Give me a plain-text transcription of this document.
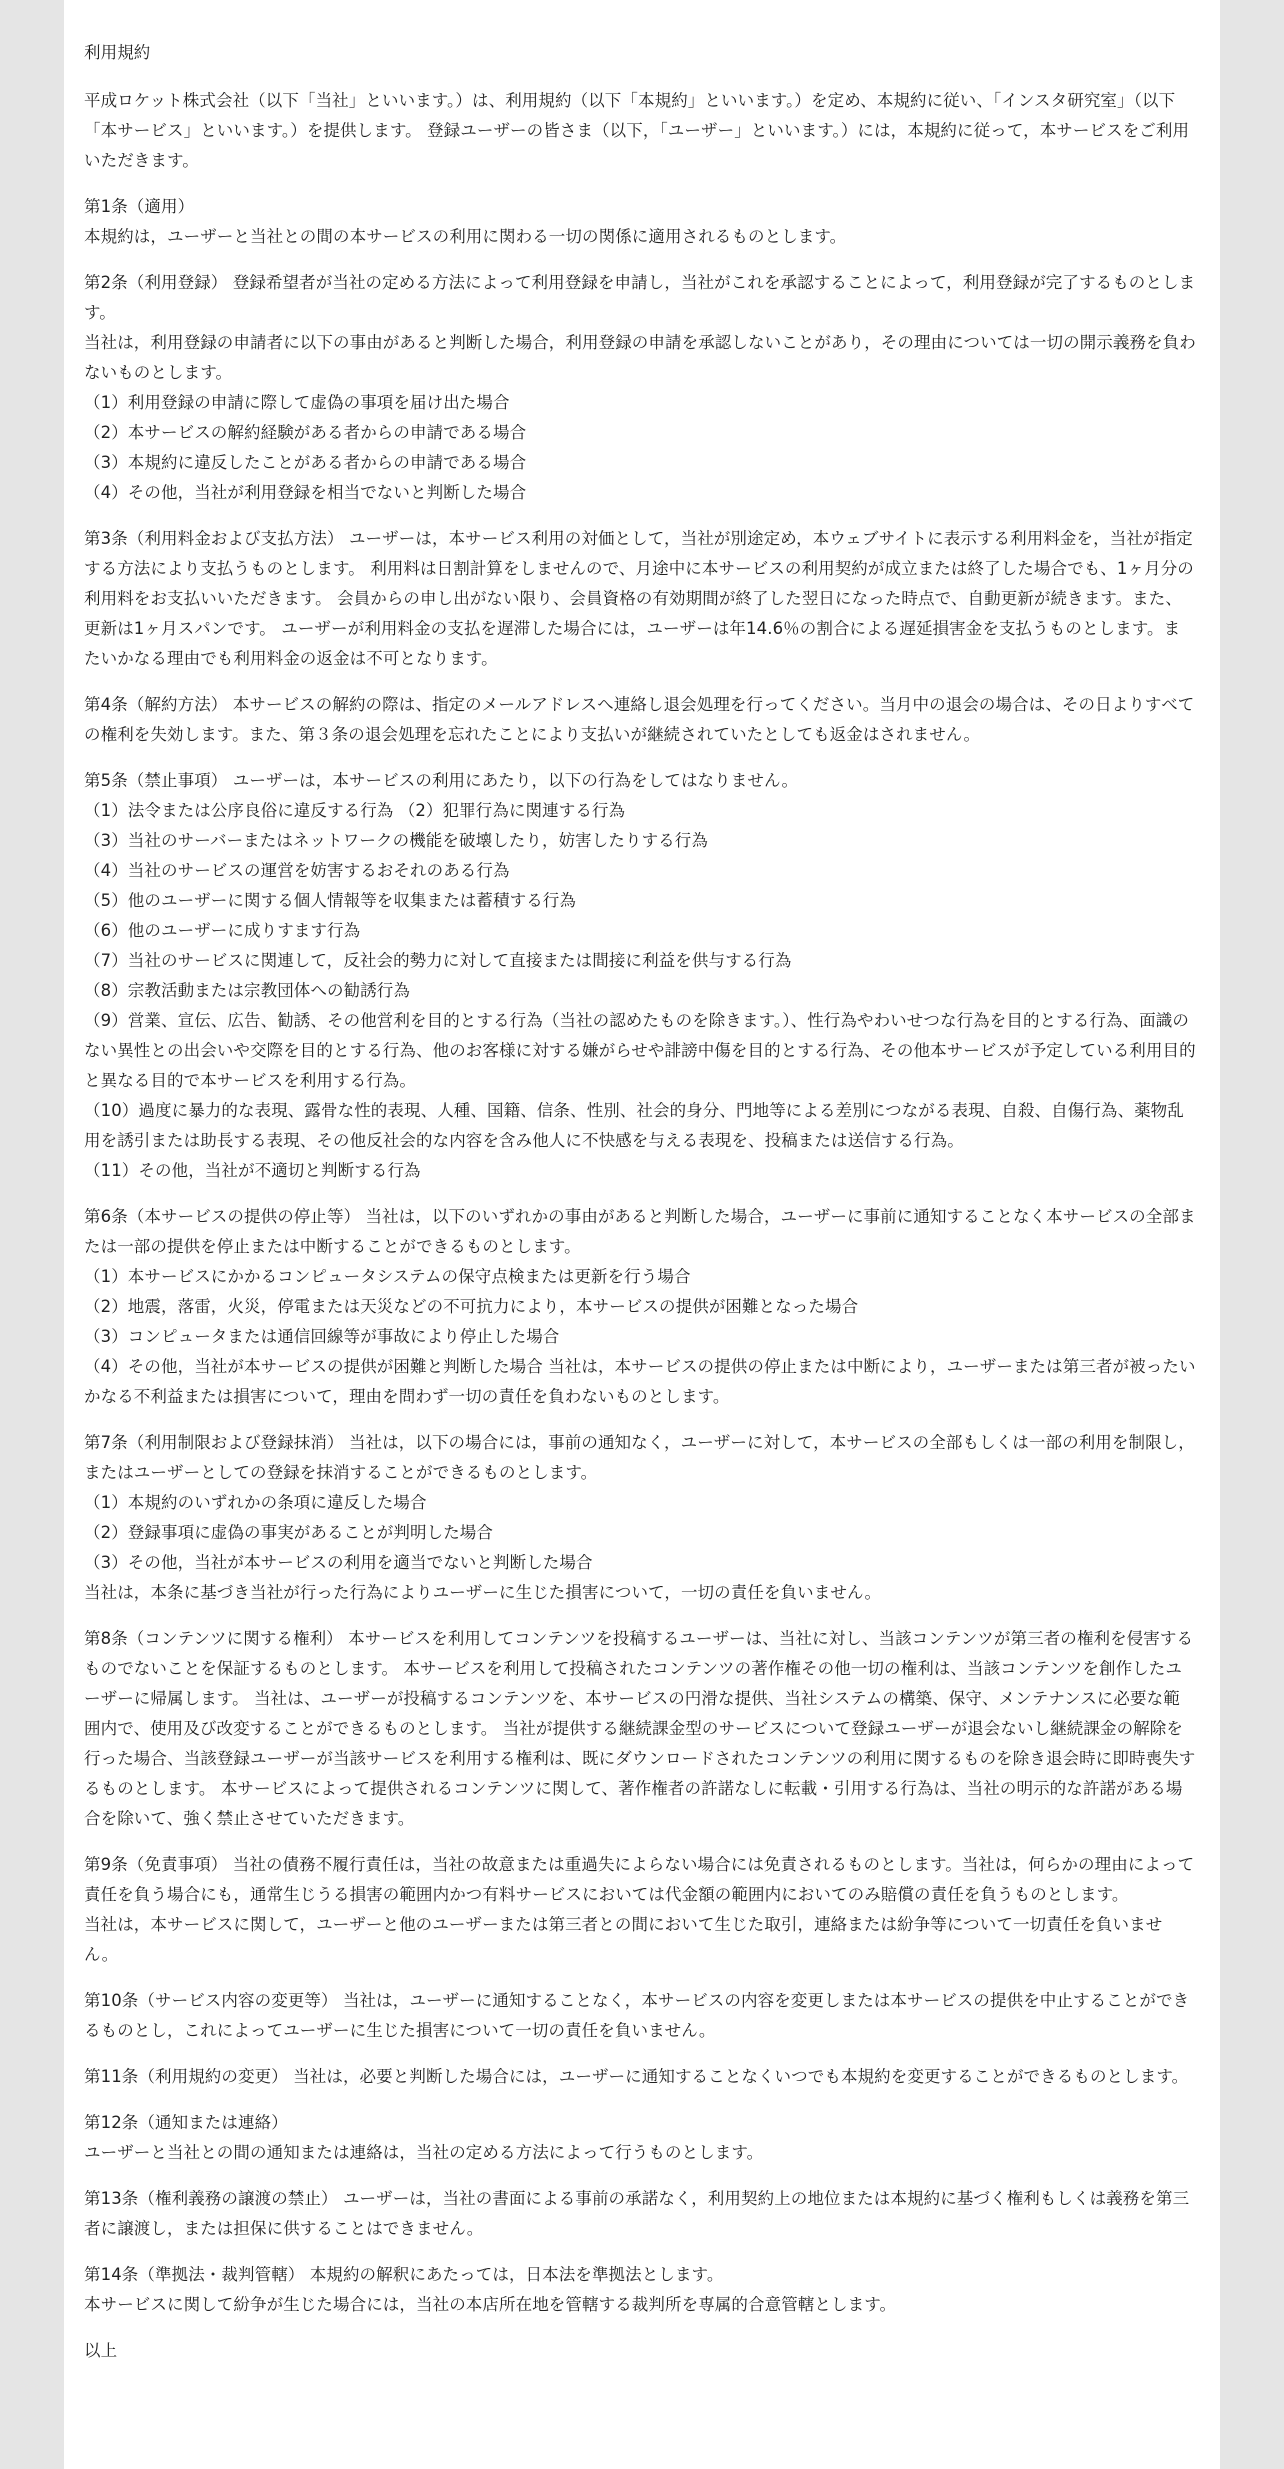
利用規約
平成ロケット株式会社（以下「当社」といいます。）は、利用規約（以下「本規約」といいます。）を定め、本規約に従い、「インスタ研究室」（以下「本サービス」といいます。）を提供します。 登録ユーザーの皆さま（以下，「ユーザー」といいます。）には，本規約に従って，本サービスをご利用いただきます。

第1条（適用）

本規約は，ユーザーと当社との間の本サービスの利用に関わる一切の関係に適用されるものとします。

第2条（利用登録） 登録希望者が当社の定める方法によって利用登録を申請し，当社がこれを承認することによって，利用登録が完了するものとします。

当社は，利用登録の申請者に以下の事由があると判断した場合，利用登録の申請を承認しないことがあり，その理由については一切の開示義務を負わないものとします。

（1）利用登録の申請に際して虚偽の事項を届け出た場合

（2）本サービスの解約経験がある者からの申請である場合

（3）本規約に違反したことがある者からの申請である場合

（4）その他，当社が利用登録を相当でないと判断した場合

第3条（利用料金および支払方法） ユーザーは，本サービス利用の対価として，当社が別途定め，本ウェブサイトに表示する利用料金を，当社が指定する方法により支払うものとします。 利用料は日割計算をしませんので、月途中に本サービスの利用契約が成立または終了した場合でも、1ヶ月分の利用料をお支払いいただきます。 会員からの申し出がない限り、会員資格の有効期間が終了した翌日になった時点で、自動更新が続きます。また、更新は1ヶ月スパンです。 ユーザーが利用料金の支払を遅滞した場合には，ユーザーは年14.6％の割合による遅延損害金を支払うものとします。またいかなる理由でも利用料金の返金は不可となります。

第4条（解約方法） 本サービスの解約の際は、指定のメールアドレスへ連絡し退会処理を行ってください。当月中の退会の場合は、その日よりすべての権利を失効します。また、第３条の退会処理を忘れたことにより支払いが継続されていたとしても返金はされません。

第5条（禁止事項） ユーザーは，本サービスの利用にあたり，以下の行為をしてはなりません。

（1）法令または公序良俗に違反する行為 （2）犯罪行為に関連する行為

（3）当社のサーバーまたはネットワークの機能を破壊したり，妨害したりする行為

（4）当社のサービスの運営を妨害するおそれのある行為

（5）他のユーザーに関する個人情報等を収集または蓄積する行為

（6）他のユーザーに成りすます行為

（7）当社のサービスに関連して，反社会的勢力に対して直接または間接に利益を供与する行為

（8）宗教活動または宗教団体への勧誘行為

（9）営業、宣伝、広告、勧誘、その他営利を目的とする行為（当社の認めたものを除きます。）、性行為やわいせつな行為を目的とする行為、面識のない異性との出会いや交際を目的とする行為、他のお客様に対する嫌がらせや誹謗中傷を目的とする行為、その他本サービスが予定している利用目的と異なる目的で本サービスを利用する行為。

（10）過度に暴力的な表現、露骨な性的表現、人種、国籍、信条、性別、社会的身分、門地等による差別につながる表現、自殺、自傷行為、薬物乱用を誘引または助長する表現、その他反社会的な内容を含み他人に不快感を与える表現を、投稿または送信する行為。

（11）その他，当社が不適切と判断する行為

第6条（本サービスの提供の停止等） 当社は，以下のいずれかの事由があると判断した場合，ユーザーに事前に通知することなく本サービスの全部または一部の提供を停止または中断することができるものとします。

（1）本サービスにかかるコンピュータシステムの保守点検または更新を行う場合

（2）地震，落雷，火災，停電または天災などの不可抗力により，本サービスの提供が困難となった場合

（3）コンピュータまたは通信回線等が事故により停止した場合

（4）その他，当社が本サービスの提供が困難と判断した場合 当社は，本サービスの提供の停止または中断により，ユーザーまたは第三者が被ったいかなる不利益または損害について，理由を問わず一切の責任を負わないものとします。

第7条（利用制限および登録抹消） 当社は，以下の場合には，事前の通知なく，ユーザーに対して，本サービスの全部もしくは一部の利用を制限し，またはユーザーとしての登録を抹消することができるものとします。

（1）本規約のいずれかの条項に違反した場合

（2）登録事項に虚偽の事実があることが判明した場合

（3）その他，当社が本サービスの利用を適当でないと判断した場合

当社は，本条に基づき当社が行った行為によりユーザーに生じた損害について，一切の責任を負いません。

第8条（コンテンツに関する権利） 本サービスを利用してコンテンツを投稿するユーザーは、当社に対し、当該コンテンツが第三者の権利を侵害するものでないことを保証するものとします。 本サービスを利用して投稿されたコンテンツの著作権その他一切の権利は、当該コンテンツを創作したユーザーに帰属します。 当社は、ユーザーが投稿するコンテンツを、本サービスの円滑な提供、当社システムの構築、保守、メンテナンスに必要な範囲内で、使用及び改変することができるものとします。 当社が提供する継続課金型のサービスについて登録ユーザーが退会ないし継続課金の解除を行った場合、当該登録ユーザーが当該サービスを利用する権利は、既にダウンロードされたコンテンツの利用に関するものを除き退会時に即時喪失するものとします。 本サービスによって提供されるコンテンツに関して、著作権者の許諾なしに転載・引用する行為は、当社の明示的な許諾がある場合を除いて、強く禁止させていただきます。

第9条（免責事項） 当社の債務不履行責任は，当社の故意または重過失によらない場合には免責されるものとします。当社は，何らかの理由によって責任を負う場合にも，通常生じうる損害の範囲内かつ有料サービスにおいては代金額の範囲内においてのみ賠償の責任を負うものとします。

当社は，本サービスに関して，ユーザーと他のユーザーまたは第三者との間において生じた取引，連絡または紛争等について一切責任を負いません。

第10条（サービス内容の変更等） 当社は，ユーザーに通知することなく，本サービスの内容を変更しまたは本サービスの提供を中止することができるものとし，これによってユーザーに生じた損害について一切の責任を負いません。

第11条（利用規約の変更） 当社は，必要と判断した場合には，ユーザーに通知することなくいつでも本規約を変更することができるものとします。

第12条（通知または連絡）

ユーザーと当社との間の通知または連絡は，当社の定める方法によって行うものとします。

第13条（権利義務の譲渡の禁止） ユーザーは，当社の書面による事前の承諾なく，利用契約上の地位または本規約に基づく権利もしくは義務を第三者に譲渡し，または担保に供することはできません。

第14条（準拠法・裁判管轄） 本規約の解釈にあたっては，日本法を準拠法とします。

本サービスに関して紛争が生じた場合には，当社の本店所在地を管轄する裁判所を専属的合意管轄とします。

以上
